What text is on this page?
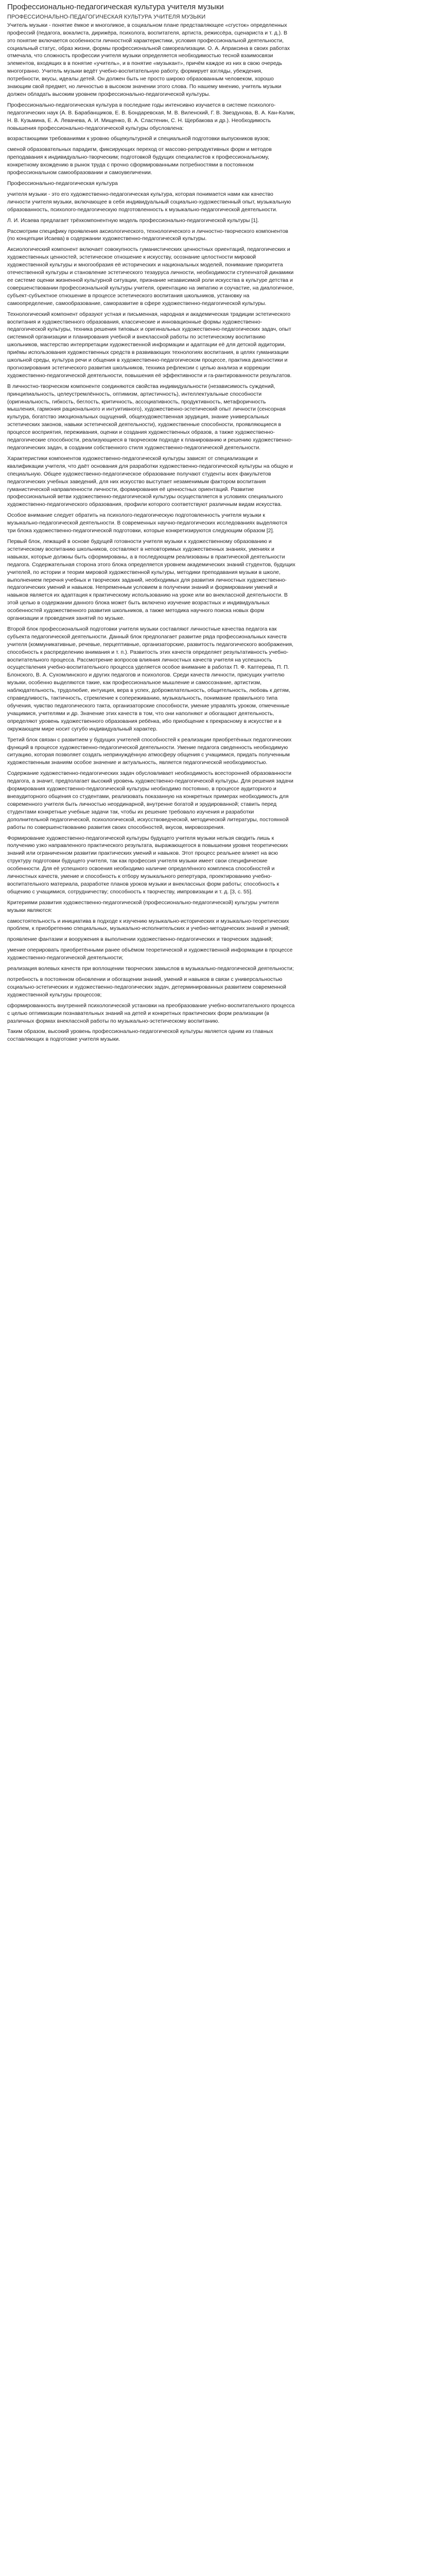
Профессионально-педагогическая культура учителя музыки
ПРОФЕССИОНАЛЬНО-ПЕДАГОГИЧЕСКАЯ КУЛЬТУРА УЧИТЕЛЯ МУЗЫКИ

Учитель музыки - понятие ёмкое и многоликое, в социальном плане представляющее «сгусток» определенных профессий (педагога, вокалиста, дирижёра, психолога, воспитателя, артиста, режиссёра, сценариста и т. д.). В это понятие включается особенности личностной характеристики, условия профессиональной деятельности, социальный статус, образ жизни, формы профессиональной самореализации. О. А. Апраксина в своих работах отмечала, что сложность профессии учителя музыки определяется необходимостью тесной взаимосвязи элементов, входящих в в понятие «учитель», и в понятие «музыкант», причём каждое из них в свою очередь многогранно. Учитель музыки ведёт учебно-воспитательную работу, формирует взгляды, убеждения, потребности, вкусы, идеалы детей. Он должен быть не просто широко образованным человеком, хорошо знающим свой предмет, но личностью в высоком значении этого слова. По нашему мнению, учитель музыки должен обладать высоким уровнем профессионально-педагогической культуры.

Профессионально-педагогическая культура в последние годы интенсивно изучается в системе психолого-педагогических наук (А. В. Барабанщиков, Е. В. Бондаревская, М. В. Виленский, Г. В. Звездунова, В. А. Кан-Калик, Н. В. Кузьмина, Е. А. Левачева, А. И. Мищенко, В. А. Сластенин, С. Н. Щербакова и др.). Необходимость повышения профессионально-педагогической культуры обусловлена:

возрастающими требованиями к уровню общекультурной и специальной подготовки выпускников вузов;

сменой образовательных парадигм, фиксирующих переход от массово-репродуктивных форм и методов преподавания к индивидуально-творческим; подготовкой будущих специалистов к профессиональному, конкретному вхождению в рынок труда с прочно сформированными потребностями в постоянном профессиональном самообразовании и самоувеличении.

Профессионально-педагогическая культура

учителя музыки - это его художественно-педагогическая культура, которая понимается нами как качество личности учителя музыки, включающее в себя индивидуальный социально-художественный опыт, музыкальную образованность, психолого-педагогическую подготовленность к музыкально-педагогической деятельности.

Л. И. Исаева предлагает трёхкомпонентную модель профессионально-педагогической культуры [1].

Рассмотрим специфику проявления аксиологического, технологического и личностно-творческого компонентов (по концепции Исаева) в содержании художественно-педагогической культуры.

Аксиологический компонент включает совокупность гуманистических ценностных ориентаций, педагогических и художественных ценностей, эстетическое отношение к искусству, осознание целостности мировой художественной культуры и многообразия её исторических и национальных моделей, понимание приоритета отечественной культуры и становление эстетического тезауруса личности, необходимости ступенчатой динамики ее системе оценки жизненной культурной ситуации, признание независимой роли искусства в культуре детства и совершенствовании профессиональной культуры учителя, ориентацию на эмпатию и соучастие, на диалогичное, субъект-субъектное отношение в процессе эстетического воспитания школьников, установку на самоопределение, самообразование, саморазвитие в сфере художественно-педагогической культуры.

Технологический компонент образуют устная и письменная, народная и академическая традиции эстетического воспитания и художественного образования, классические и инновационные формы художественно-педагогической культуры, техника решения типовых и оригинальных художественно-педагогических задач, опыт системной организации и планирования учебной и внеклассной работы по эстетическому воспитанию школьников, мастерство интерпретации художественной информации и адаптации её для детской аудитории, приёмы использования художественных средств в развивающих технологиях воспитания, в целях гуманизации школьной среды, культура речи и общения в художественно-педагогическом процессе, практика диагностики и прогнозирования эстетического развития школьников, техника рефлексии с целью анализа и коррекции художественно-педагогической деятельности, повышения её эффективности и га-рантированности результатов.

В личностно-творческом компоненте соединяются свойства индивидуальности (независимость суждений, принципиальность, целеустремлённость, оптимизм, артистичность), интеллектуальные способности (оригинальность, гибкость, беглость, критичность, ассоциативность, продуктивность, метафоричность мышления, гармония рационального и интуитивного), художественно-эстетический опыт личности (сенсорная культура, богатство эмоциональных ощущений, общехудожественная эрудиция, знание универсальных эстетических законов, навыки эстетической деятельности), художественные способности, проявляющиеся в процессе восприятия, переживания, оценки и создания художественных образов, а также художественно-педагогические способности, реализующиеся в творческом подходе к планированию и решению художественно-педагогических задач, в создании собственного стиля художественно-педагогической деятельности.

Характеристики компонентов художественно-педагогической культуры зависят от специализации и квалификации учителя, что даёт основания для разработки художественно-педагогической культуры на общую и специальную. Общее художественно-педагогическое образование получают студенты всех факультетов педагогических учебных заведений, для них искусство выступает незаменимым фактором воспитания гуманистической направленности личности, формирования её ценностных ориентаций. Развитие профессиональной ветви художественно-педагогической культуры осуществляется в условиях специального художественно-педагогического образования, профили которого соответствуют различным видам искусства.

Особое внимание следует обратить на психолого-педагогическую подготовленность учителя музыки к музыкально-педагогической деятельности. В современных научно-педагогических исследованиях выделяются три блока художественно-педагогической подготовки, которые конкретизируются следующим образом [2].

Первый блок, лежащий в основе будущей готовности учителя музыки к художественному образованию и эстетическому воспитанию школьников, составляют в неповторимых художественных знаниях, умениях и навыках, которые должны быть сформированы, а в последующем реализованы в практической деятельности педагога. Содержательная сторона этого блока определяется уровнем академических знаний студентов, будущих учителей, по истории и теории мировой художественной культуры, методики преподавания музыки в школе, выполнением перечня учебных и творческих заданий, необходимых для развития личностных художественно-педагогических умений и навыков. Непременным условием в получении знаний и формировании умений и навыков является их адаптация к практическому использованию на уроке или во внеклассной деятельности. В этой целью в содержании данного блока может быть включено изучение возрастных и индивидуальных особенностей художественного развития школьников, а также методика научного поиска новых форм организации и проведения занятий по музыке.

Второй блок профессиональной подготовки учителя музыки составляют личностные качества педагога как субъекта педагогической деятельности. Данный блок предполагает развитие ряда профессиональных качеств учителя (коммуникативные, речевые, перцептивные, организаторские, развитость педагогического воображения, способность к распределению внимания и т. п.). Развитость этих качеств определяет результативность учебно-воспитательного процесса. Рассмотрение вопросов влияния личностных качеств учителя на успешность осуществления учебно-воспитательного процесса уделяется особое внимание в работах П. Ф. Каптерева, П. П. Блонского, В. А. Сухомлинского и других педагогов и психологов. Среди качеств личности, присущих учителю музыки, особенно выделяются такие, как профессиональное мышление и самосознание, артистизм, наблюдательность, трудолюбие, интуиция, вера в успех, доброжелательность, общительность, любовь к детям, справедливость, тактичность, стремление к сопереживанию, музыкальность, понимание правильного типа обучения, чувство педагогического такта, организаторские способности, умение управлять уроком, отмеченные учащимися, учителями и др. Значение этих качеств в том, что они наполняют и обогащают деятельность, определяют уровень художественного образования ребёнка, ибо приобщение к прекрасному в искусстве и в окружающем мире носит сугубо индивидуальный характер.

Третий блок связан с развитием у будущих учителей способностей к реализации приобретённых педагогических функций в процессе художественно-педагогической деятельности. Умение педагога сведенность необходимую ситуацию, которая позволяет создать непринуждённую атмосферу общения с учащимися, придать полученным художественным знаниям особое значение и актуальность, является педагогической необходимостью.

Содержание художественно-педагогических задач обусловливает необходимость всесторонней образованности педагога, а значит, предполагает высокий уровень художественно-педагогической культуры. Для решения задачи формирования художественно-педагогической культуры необходимо постоянно, в процессе аудиторного и внеаудиторного общения со студентами, реализовать показанную на конкретных примерах необходимость для современного учителя быть личностью неординарной, внутренне богатой и эрудированной; ставить перед студентами конкретные учебные задачи так, чтобы их решение требовало изучения и разработки дополнительной педагогической, психологической, искусствоведческой, методической литературы, постоянной работы по совершенствованию развития своих способностей, вкусов, мировоззрения.

Формирование художественно-педагогической культуры будущего учителя музыки нельзя сводить лишь к получению узко направленного практического результата, выражающегося в повышении уровня теоретических знаний или ограниченном развитии практических умений и навыков. Этот процесс реальнее влияет на всю структуру подготовки будущего учителя, так как профессия учителя музыки имеет свои специфические особенности. Для её успешного освоения необходимо наличие определённого комплекса способностей и личностных качеств, умение и способность к отбору музыкального репертуара, проектированию учебно-воспитательного материала, разработке планов уроков музыки и внеклассных форм работы; способность к общению с учащимися, сотрудничеству; способность к творчеству, импровизации и т. д. [3, с. 55].

Критериями развития художественно-педагогической (профессионально-педагогической) культуры учителя музыки являются:

самостоятельность и инициатива в подходе к изучению музыкально-исторических и музыкально-теоретических проблем, к приобретению специальных, музыкально-исполнительских и учебно-методических знаний и умений;

проявление фантазии и вооружения в выполнении художественно-педагогических и творческих заданий;

умение оперировать приобретёнными ранее объёмом теоретической и художественной информации в процессе художественно-педагогической деятельности;

реализация волевых качеств при воплощении творческих замыслов в музыкально-педагогической деятельности;

потребность в постоянном обновлении и обогащении знаний, умений и навыков в связи с универсальностью социально-эстетических и художественно-педагогических задач, детерминированных развитием современной художественной культуры процессов;

сформированность внутренней психологической установки на преобразование учебно-воспитательного процесса с целью оптимизации познавательных знаний на детей и конкретных практических форм реализации (в различных формах внеклассной работы по музыкально-эстетическому воспитанию.

Таким образом, высокий уровень профессионально-педагогической культуры является одним из главных составляющих в подготовке учителя музыки.
